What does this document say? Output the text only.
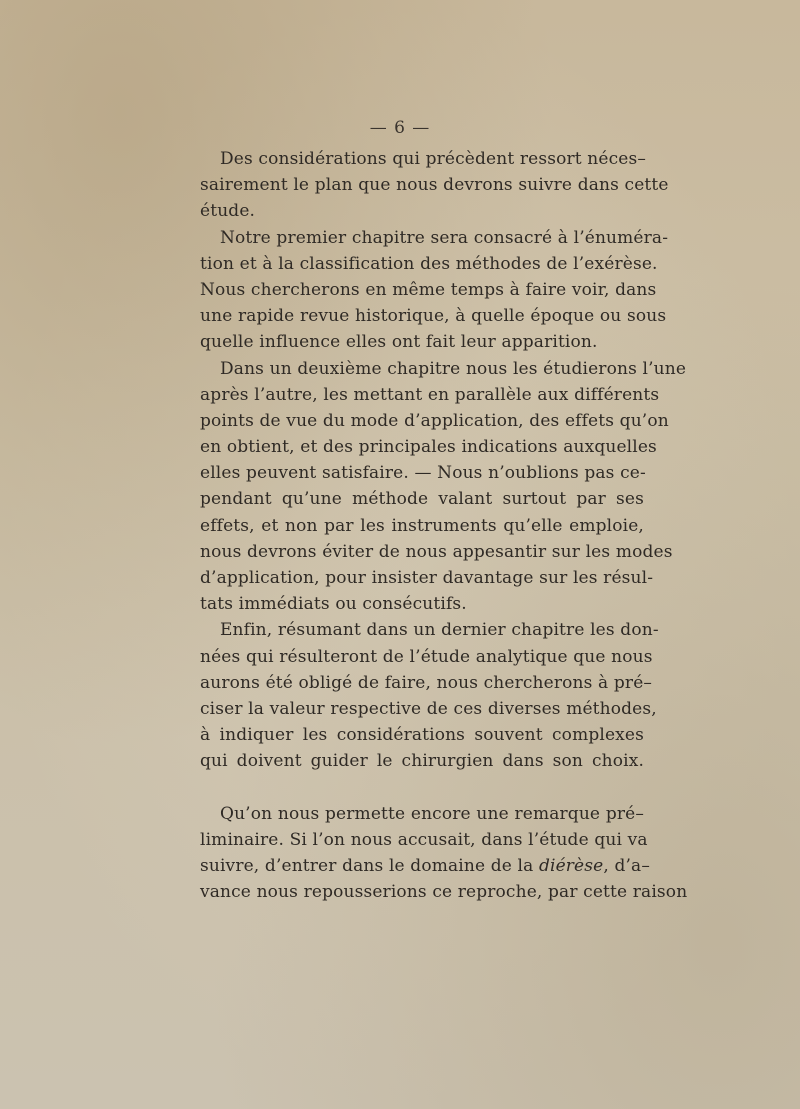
— 6 —
Des considérations qui précèdent ressort néces–
sairement le plan que nous devrons suivre dans cette
étude.
Notre premier chapitre sera consacré à l’énuméra-
tion et à la classification des méthodes de l’exérèse.
Nous chercherons en même temps à faire voir, dans
une rapide revue historique, à quelle époque ou sous
quelle influence elles ont fait leur apparition.
Dans un deuxième chapitre nous les étudierons l’une
après l’autre, les mettant en parallèle aux différents
points de vue du mode d’application, des effets qu’on
en obtient, et des principales indications auxquelles
elles peuvent satisfaire. — Nous n’oublions pas ce-
pendant qu’une méthode valant surtout par ses
effets, et non par les instruments qu’elle emploie,
nous devrons éviter de nous appesantir sur les modes
d’application, pour insister davantage sur les résul-
tats immédiats ou consécutifs.
Enfin, résumant dans un dernier chapitre les don-
nées qui résulteront de l’étude analytique que nous
aurons été obligé de faire, nous chercherons à pré–
ciser la valeur respective de ces diverses méthodes,
à indiquer les considérations souvent complexes
qui doivent guider le chirurgien dans son choix.
Qu’on nous permette encore une remarque pré–
liminaire. Si l’on nous accusait, dans l’étude qui va
suivre, d’entrer dans le domaine de la diérèse, d’a–
vance nous repousserions ce reproche, par cette raison
